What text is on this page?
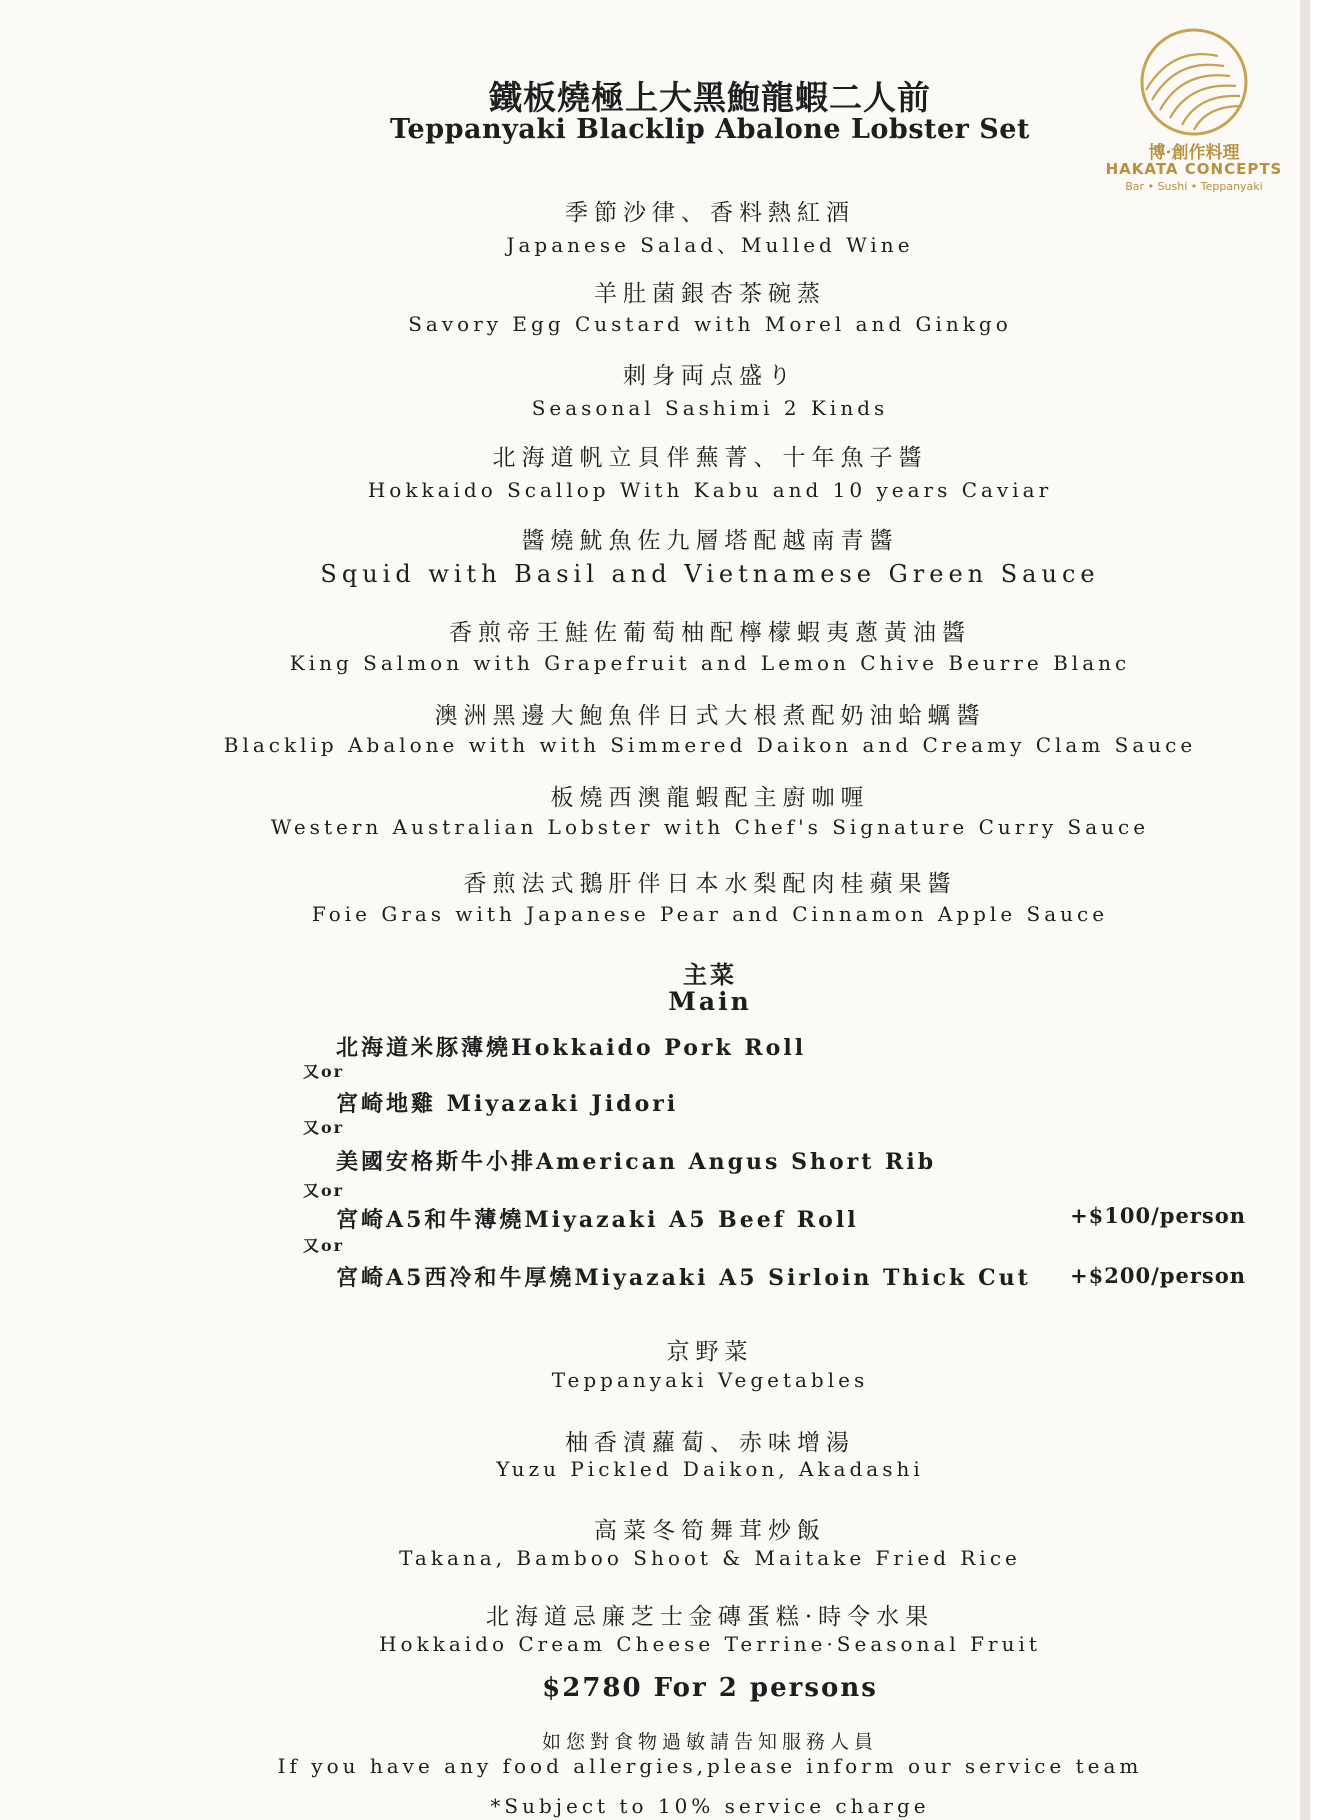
博·創作料理
HAKATA CONCEPTS
Bar • Sushi • Teppanyaki
鐵板燒極上大黑鮑龍蝦二人前
Teppanyaki Blacklip Abalone Lobster Set
季節沙律、香料熱紅酒
Japanese Salad、Mulled Wine
羊肚菌銀杏茶碗蒸
Savory Egg Custard with Morel and Ginkgo
刺身両点盛り
Seasonal Sashimi 2 Kinds
北海道帆立貝伴蕪菁、十年魚子醬
Hokkaido Scallop With Kabu and 10 years Caviar
醬燒魷魚佐九層塔配越南青醬
Squid with Basil and Vietnamese Green Sauce
香煎帝王鮭佐葡萄柚配檸檬蝦夷蔥黃油醬
King Salmon with Grapefruit and Lemon Chive Beurre Blanc
澳洲黑邊大鮑魚伴日式大根煮配奶油蛤蠣醬
Blacklip Abalone with with Simmered Daikon and Creamy Clam Sauce
板燒西澳龍蝦配主廚咖喱
Western Australian Lobster with Chef's Signature Curry Sauce
香煎法式鵝肝伴日本水梨配肉桂蘋果醬
Foie Gras with Japanese Pear and Cinnamon Apple Sauce
主菜
Main
北海道米豚薄燒Hokkaido Pork Roll
又or
宮崎地雞 Miyazaki Jidori
又or
美國安格斯牛小排American Angus Short Rib
又or
宮崎A5和牛薄燒Miyazaki A5 Beef Roll	+$100/person
又or
宮崎A5西冷和牛厚燒Miyazaki A5 Sirloin Thick Cut +$200/person
京野菜
Teppanyaki Vegetables
柚香漬蘿蔔、赤味增湯
Yuzu Pickled Daikon, Akadashi
高菜冬筍舞茸炒飯
Takana, Bamboo Shoot & Maitake Fried Rice
北海道忌廉芝士金磚蛋糕·時令水果
Hokkaido Cream Cheese Terrine·Seasonal Fruit
$2780 For 2 persons
如您對食物過敏請告知服務人員
If you have any food allergies,please inform our service team
*Subject to 10% service charge
